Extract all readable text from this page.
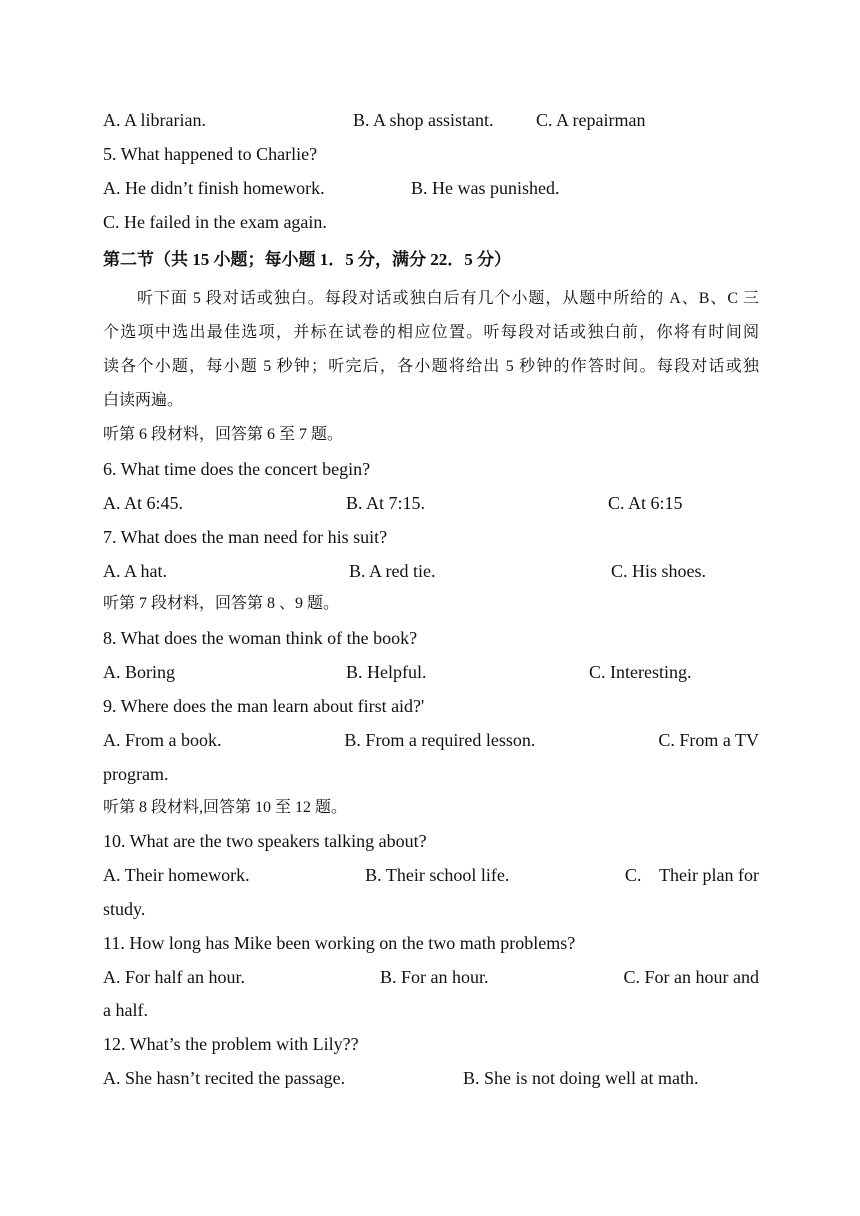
A. A librarian.	B. A shop assistant. C. A repairman
5. What happened to Charlie?
A. He didn’t finish homework.	B. He was punished.
C. He failed in the exam again.
第二节（共 15 小题；每小题 1．5 分，满分 22．5 分）
听下面 5 段对话或独白。每段对话或独白后有几个小题，从题中所给的 A、B、C 三
个选项中选出最佳选项，并标在试卷的相应位置。听每段对话或独白前，你将有时间阅
读各个小题，每小题 5 秒钟；听完后，各小题将给出 5 秒钟的作答时间。每段对话或独
白读两遍。
听第 6 段材料，回答第 6 至 7 题。
6. What time does the concert begin?
A. At 6:45.	B. At 7:15.	C. At 6:15
7. What does the man need for his suit?
A. A hat.	B. A red tie.	C. His shoes.
听第 7 段材料，回答第 8 、9 题。
8. What does the woman think of the book?
A. Boring	B. Helpful.	C. Interesting.
9. Where does the man learn about first aid?'
A. From a book.	B. From a required lesson.	C. From a TV
program.
听第 8 段材料,回答第 10 至 12 题。
10. What are the two speakers talking about?
A. Their homework.	B. Their school life.	C.    Their plan for
study.
11. How long has Mike been working on the two math problems?
A. For half an hour.	B. For an hour.	C. For an hour and
a half.
12. What’s the problem with Lily??
A. She hasn’t recited the passage.	B. She is not doing well at math.
